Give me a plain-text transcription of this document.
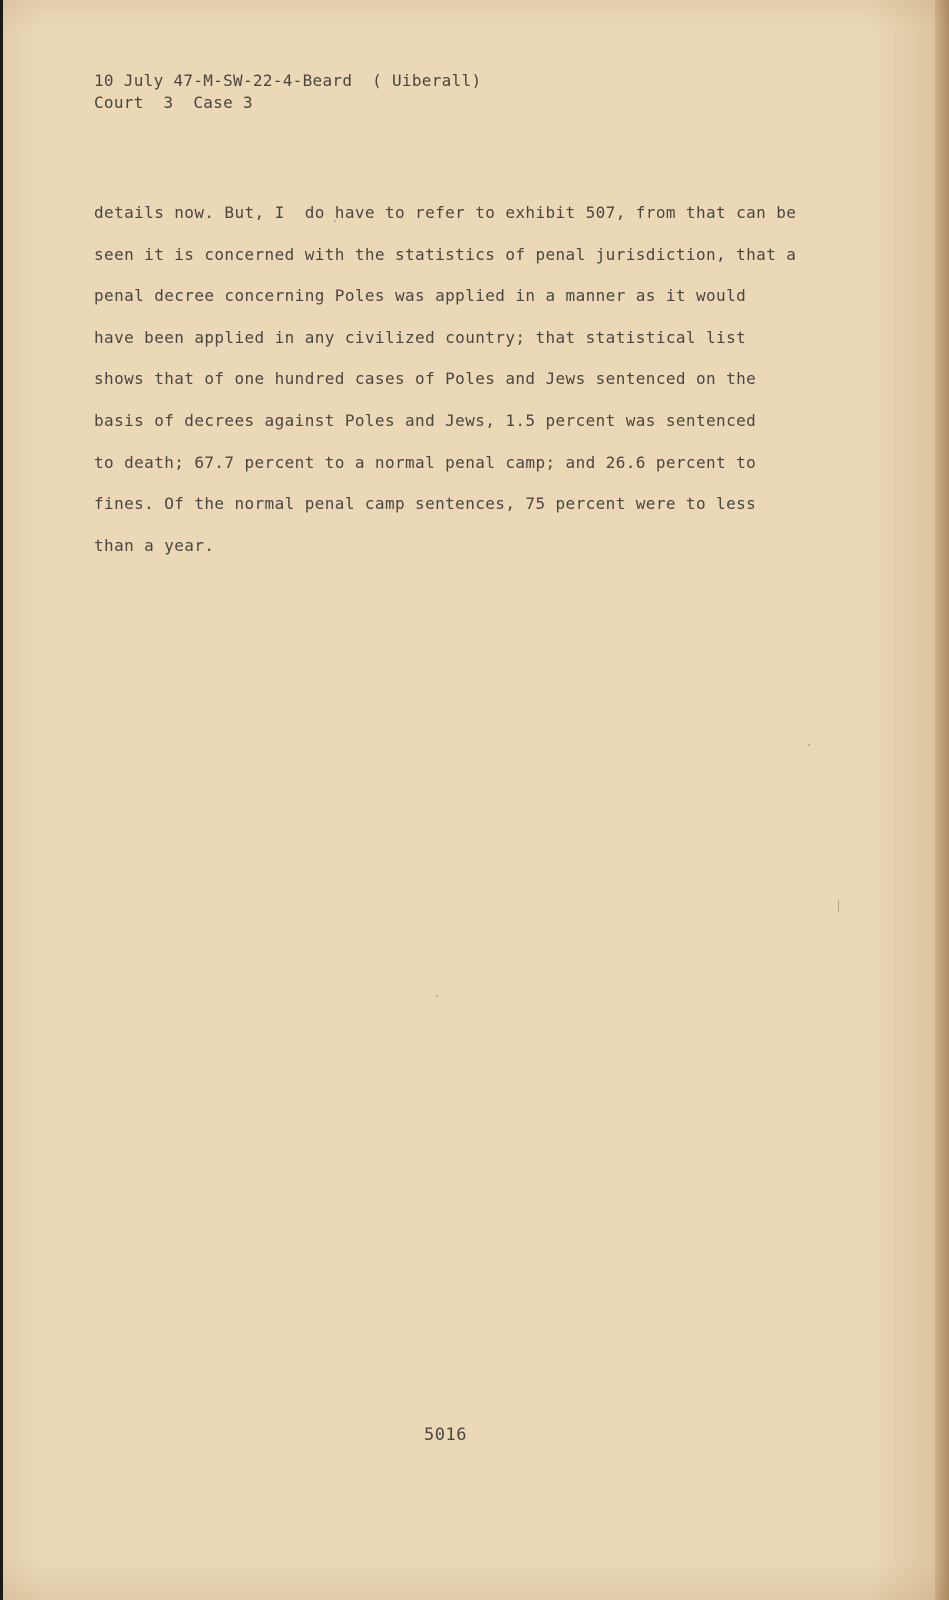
10 July 47-M-SW-22-4-Beard  ( Uiberall)
Court  3  Case 3
details now. But, I  do have to refer to exhibit 507, from that can be
seen it is concerned with the statistics of penal jurisdiction, that a
penal decree concerning Poles was applied in a manner as it would
have been applied in any civilized country; that statistical list
shows that of one hundred cases of Poles and Jews sentenced on the
basis of decrees against Poles and Jews, 1.5 percent was sentenced
to death; 67.7 percent to a normal penal camp; and 26.6 percent to
fines. Of the normal penal camp sentences, 75 percent were to less
than a year.
5016
